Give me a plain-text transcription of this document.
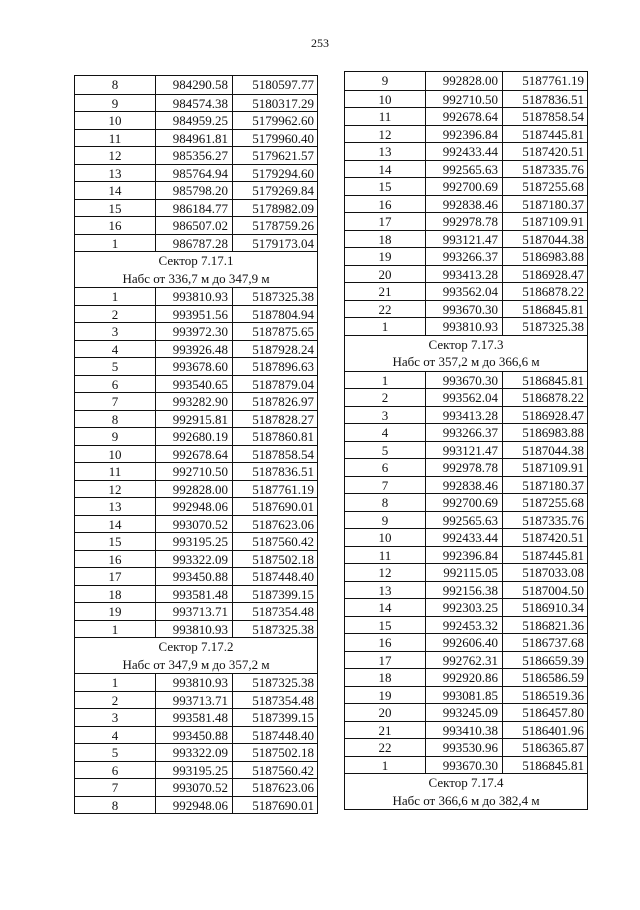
253
8	984290.58	5180597.77
9	984574.38	5180317.29
10	984959.25	5179962.60
11	984961.81	5179960.40
12	985356.27	5179621.57
13	985764.94	5179294.60
14	985798.20	5179269.84
15	986184.77	5178982.09
16	986507.02	5178759.26
1	986787.28	5179173.04
Сектор 7.17.1
Набс от 336,7 м до 347,9 м
1	993810.93	5187325.38
2	993951.56	5187804.94
3	993972.30	5187875.65
4	993926.48	5187928.24
5	993678.60	5187896.63
6	993540.65	5187879.04
7	993282.90	5187826.97
8	992915.81	5187828.27
9	992680.19	5187860.81
10	992678.64	5187858.54
11	992710.50	5187836.51
12	992828.00	5187761.19
13	992948.06	5187690.01
14	993070.52	5187623.06
15	993195.25	5187560.42
16	993322.09	5187502.18
17	993450.88	5187448.40
18	993581.48	5187399.15
19	993713.71	5187354.48
1	993810.93	5187325.38
Сектор 7.17.2
Набс от 347,9 м до 357,2 м
1	993810.93	5187325.38
2	993713.71	5187354.48
3	993581.48	5187399.15
4	993450.88	5187448.40
5	993322.09	5187502.18
6	993195.25	5187560.42
7	993070.52	5187623.06
8	992948.06	5187690.01
9	992828.00	5187761.19
10	992710.50	5187836.51
11	992678.64	5187858.54
12	992396.84	5187445.81
13	992433.44	5187420.51
14	992565.63	5187335.76
15	992700.69	5187255.68
16	992838.46	5187180.37
17	992978.78	5187109.91
18	993121.47	5187044.38
19	993266.37	5186983.88
20	993413.28	5186928.47
21	993562.04	5186878.22
22	993670.30	5186845.81
1	993810.93	5187325.38
Сектор 7.17.3
Набс от 357,2 м до 366,6 м
1	993670.30	5186845.81
2	993562.04	5186878.22
3	993413.28	5186928.47
4	993266.37	5186983.88
5	993121.47	5187044.38
6	992978.78	5187109.91
7	992838.46	5187180.37
8	992700.69	5187255.68
9	992565.63	5187335.76
10	992433.44	5187420.51
11	992396.84	5187445.81
12	992115.05	5187033.08
13	992156.38	5187004.50
14	992303.25	5186910.34
15	992453.32	5186821.36
16	992606.40	5186737.68
17	992762.31	5186659.39
18	992920.86	5186586.59
19	993081.85	5186519.36
20	993245.09	5186457.80
21	993410.38	5186401.96
22	993530.96	5186365.87
1	993670.30	5186845.81
Сектор 7.17.4
Набс от 366,6 м до 382,4 м
